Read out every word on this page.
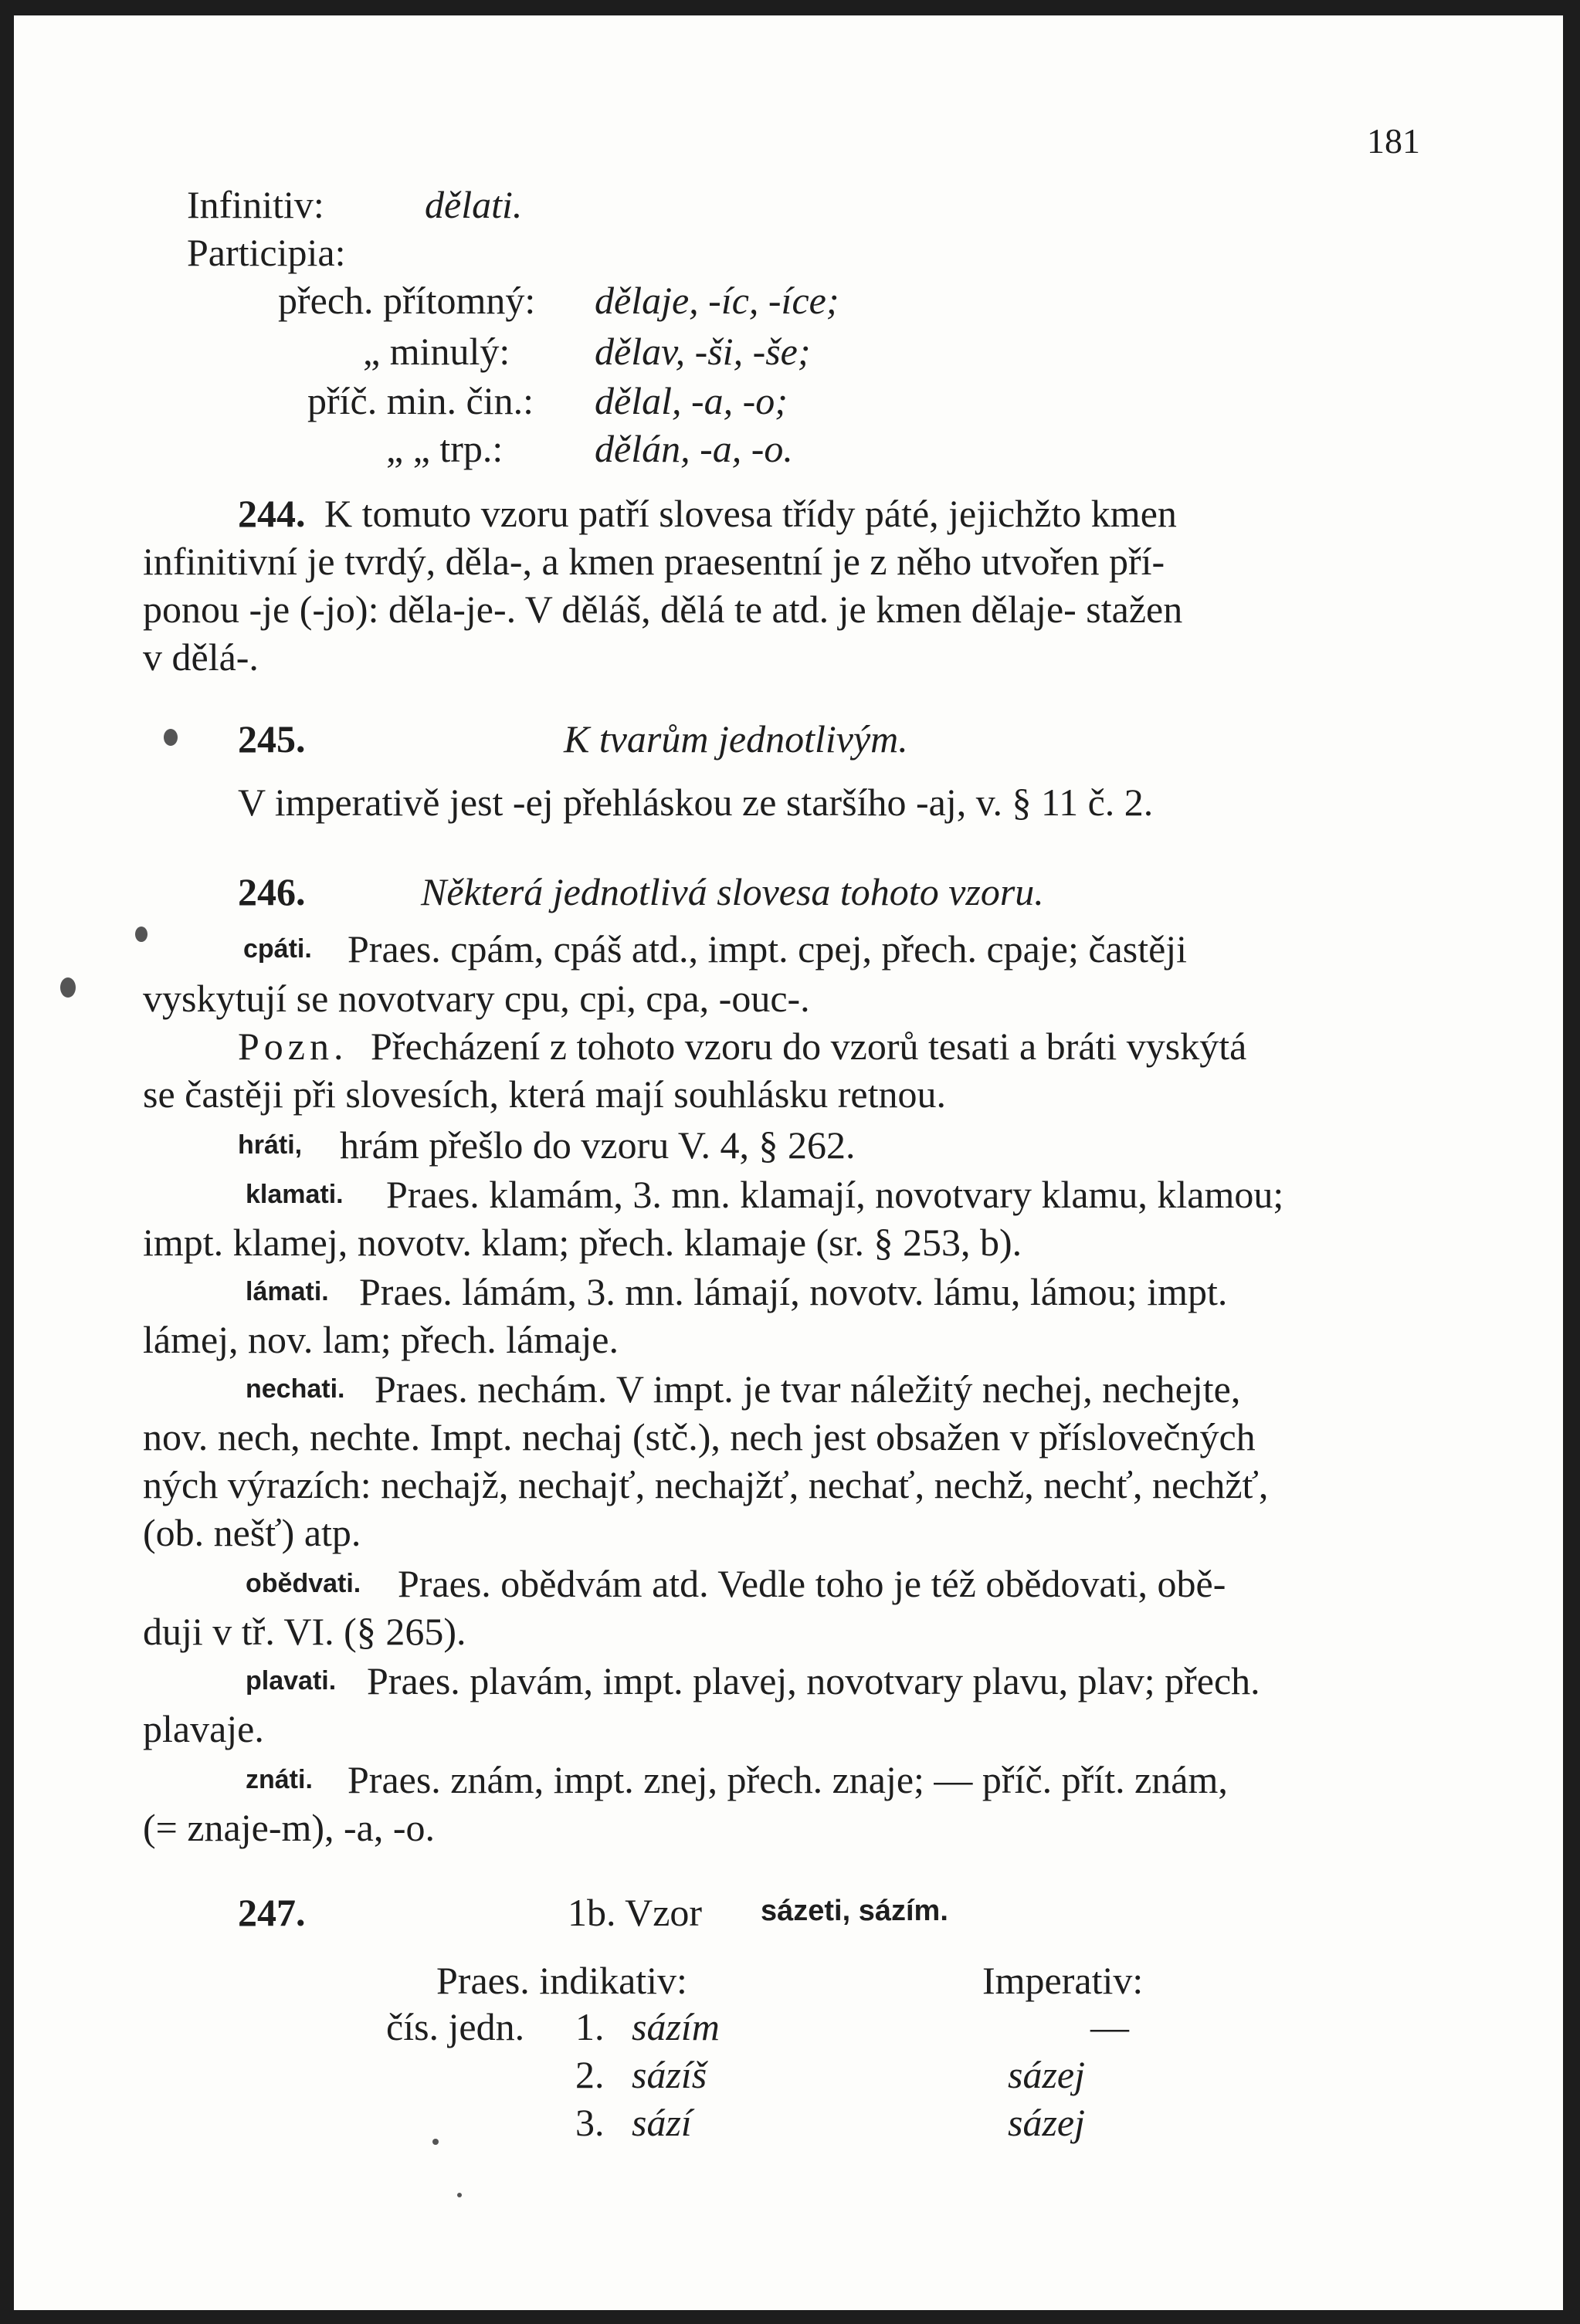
181
Infinitiv:	dělati.
Participia:
přech. přítomný: dělaje, -íc, -íce;
„ minulý: dělav, -ši, -še;
příč. min. čin.: dělal, -a, -o;
„ „ trp.: dělán, -a, -o.
244. K tomuto vzoru patří slovesa třídy páté, jejichžto kmen
infinitivní je tvrdý, děla-, a kmen praesentní je z něho utvořen pří-
ponou -je (-jo): děla-je-. V děláš, dělá te atd. je kmen dělaje- stažen
v dělá-.
245.	K tvarům jednotlivým.
V imperativě jest -ej přehláskou ze staršího -aj, v. § 11 č. 2.
246.	Některá jednotlivá slovesa tohoto vzoru.
cpáti. Praes. cpám, cpáš atd., impt. cpej, přech. cpaje; častěji
vyskytují se novotvary cpu, cpi, cpa, -ouc-.
Pozn. Přecházení z tohoto vzoru do vzorů tesati a bráti vyskýtá
se častěji při slovesích, která mají souhlásku retnou.
hráti, hrám přešlo do vzoru V. 4, § 262.
klamati. Praes. klamám, 3. mn. klamají, novotvary klamu, klamou;
impt. klamej, novotv. klam; přech. klamaje (sr. § 253, b).
lámati. Praes. lámám, 3. mn. lámají, novotv. lámu, lámou; impt.
lámej, nov. lam; přech. lámaje.
nechati. Praes. nechám. V impt. je tvar náležitý nechej, nechejte,
nov. nech, nechte. Impt. nechaj (stč.), nech jest obsažen v příslovečných
ných výrazích: nechajž, nechajť, nechajžť, nechať, nechž, nechť, nechžť,
(ob. nešť) atp.
obědvati. Praes. obědvám atd. Vedle toho je též obědovati, obě-
duji v tř. VI. (§ 265).
plavati. Praes. plavám, impt. plavej, novotvary plavu, plav; přech.
plavaje.
znáti. Praes. znám, impt. znej, přech. znaje; — příč. přít. znám,
(= znaje-m), -a, -o.
247.	1b. Vzor sázeti, sázím.
Praes. indikativ:	Imperativ:
čís. jedn. 1. sázím	—
2. sázíš	sázej
3. sází	sázej
